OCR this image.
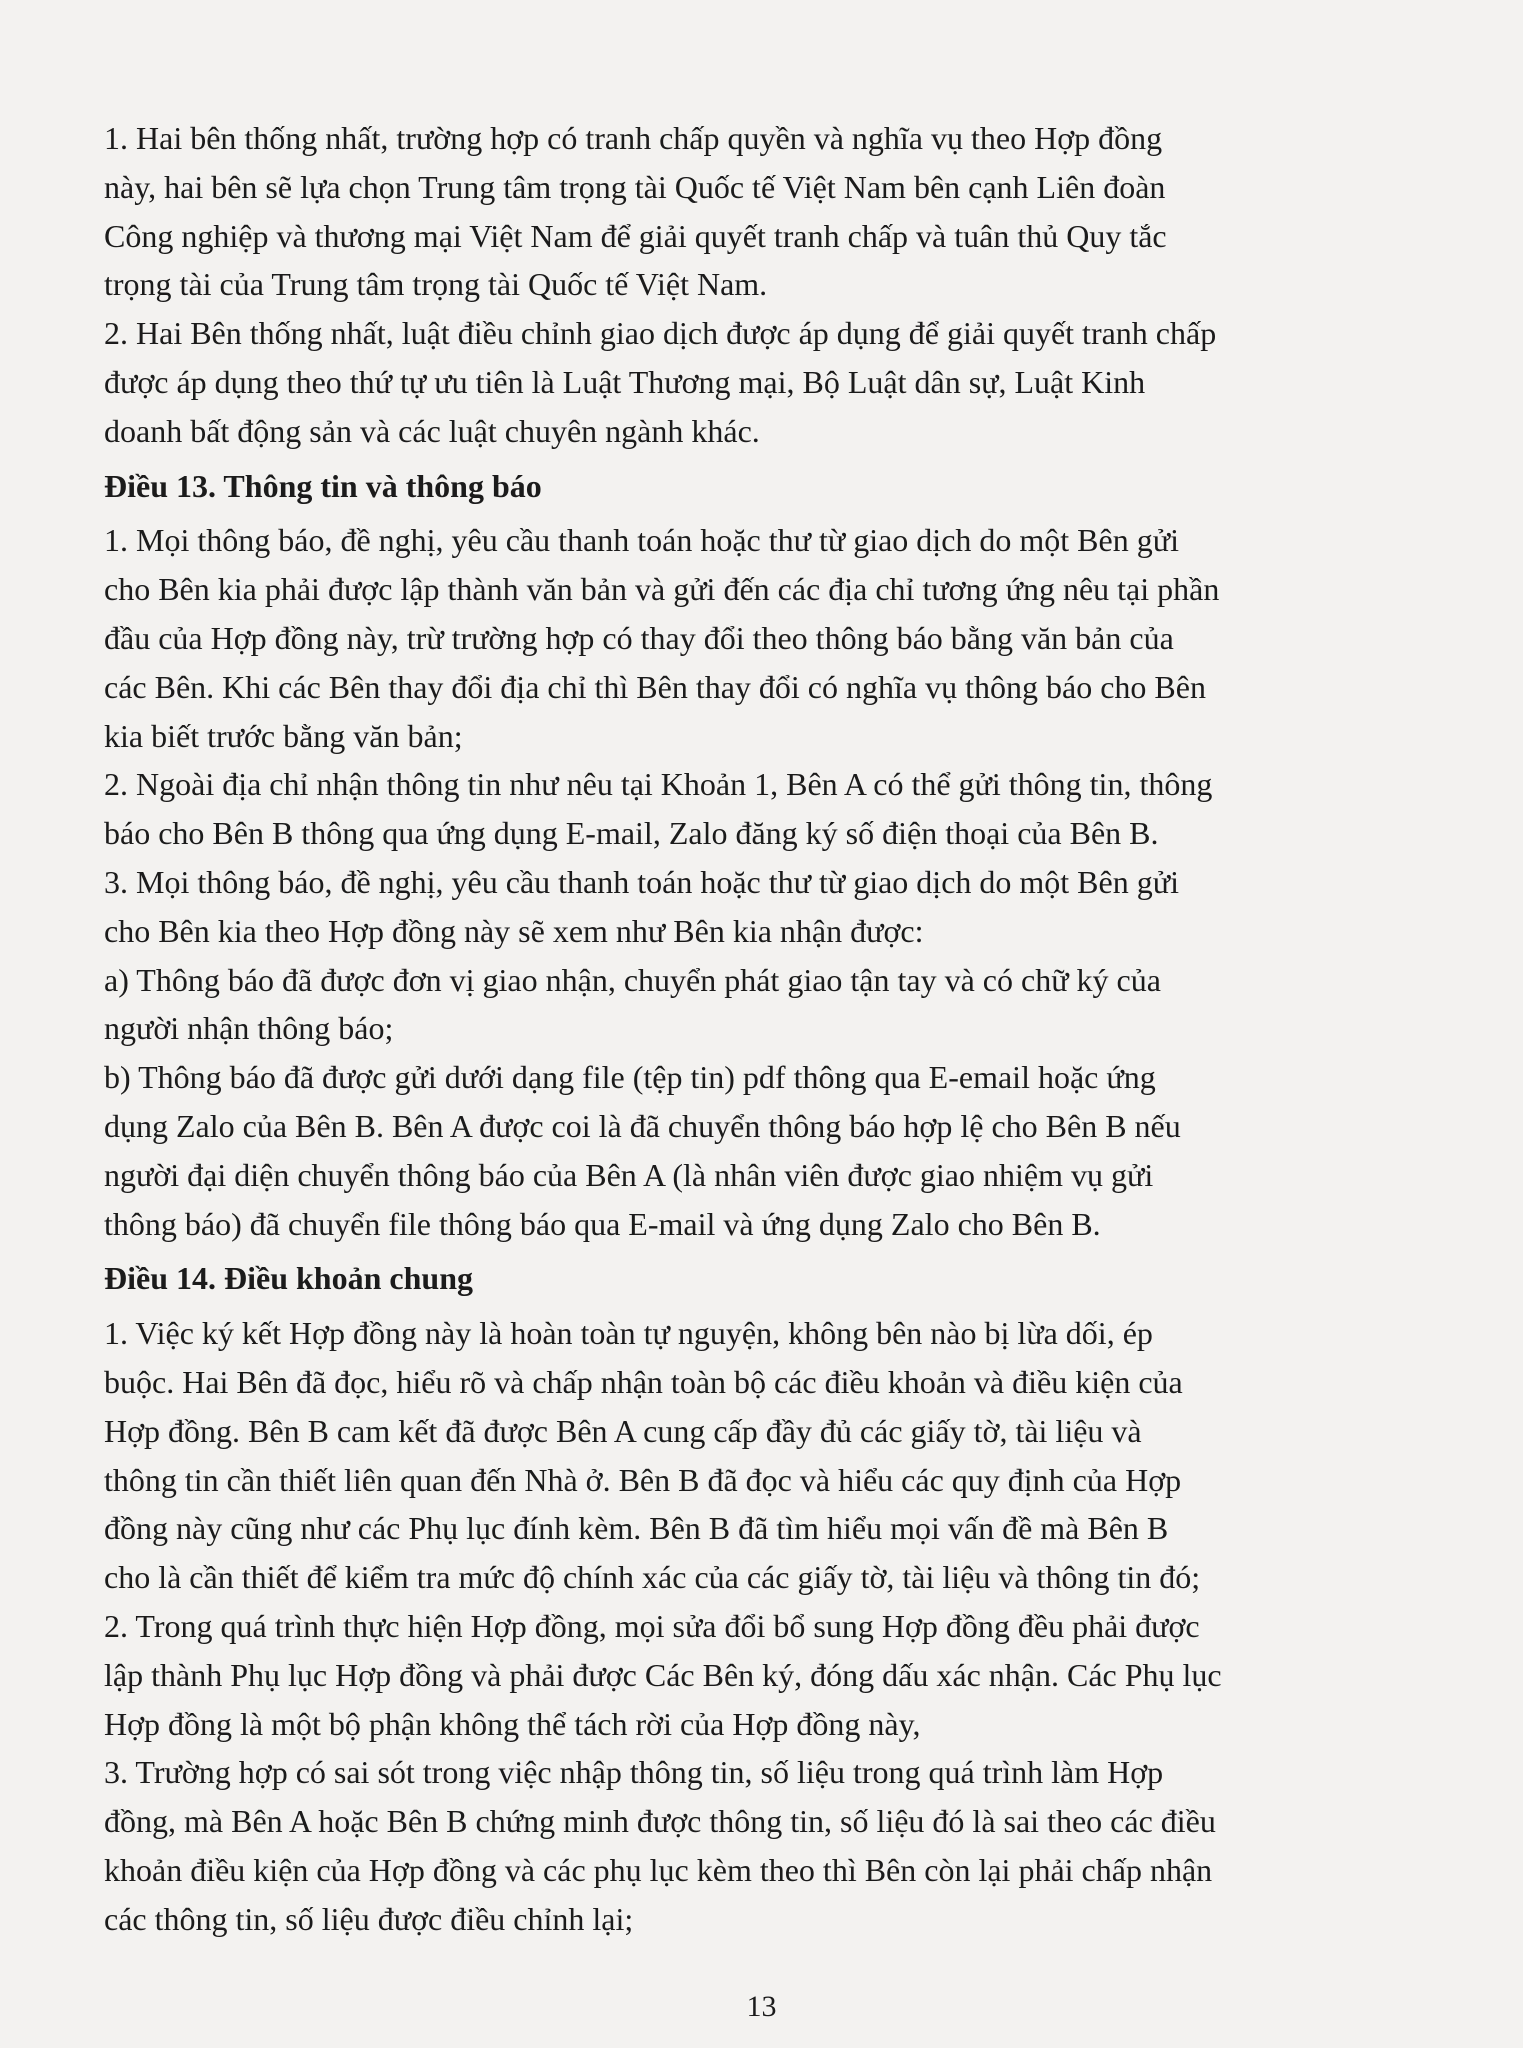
1. Hai bên thống nhất, trường hợp có tranh chấp quyền và nghĩa vụ theo Hợp đồng
này, hai bên sẽ lựa chọn Trung tâm trọng tài Quốc tế Việt Nam bên cạnh Liên đoàn
Công nghiệp và thương mại Việt Nam để giải quyết tranh chấp và tuân thủ Quy tắc
trọng tài của Trung tâm trọng tài Quốc tế Việt Nam.

2. Hai Bên thống nhất, luật điều chỉnh giao dịch được áp dụng để giải quyết tranh chấp
được áp dụng theo thứ tự ưu tiên là Luật Thương mại, Bộ Luật dân sự, Luật Kinh
doanh bất động sản và các luật chuyên ngành khác.

Điều 13. Thông tin và thông báo

1. Mọi thông báo, đề nghị, yêu cầu thanh toán hoặc thư từ giao dịch do một Bên gửi
cho Bên kia phải được lập thành văn bản và gửi đến các địa chỉ tương ứng nêu tại phần
đầu của Hợp đồng này, trừ trường hợp có thay đổi theo thông báo bằng văn bản của
các Bên. Khi các Bên thay đổi địa chỉ thì Bên thay đổi có nghĩa vụ thông báo cho Bên
kia biết trước bằng văn bản;

2. Ngoài địa chỉ nhận thông tin như nêu tại Khoản 1, Bên A có thể gửi thông tin, thông
báo cho Bên B thông qua ứng dụng E-mail, Zalo đăng ký số điện thoại của Bên B.

3. Mọi thông báo, đề nghị, yêu cầu thanh toán hoặc thư từ giao dịch do một Bên gửi
cho Bên kia theo Hợp đồng này sẽ xem như Bên kia nhận được:

a) Thông báo đã được đơn vị giao nhận, chuyển phát giao tận tay và có chữ ký của
người nhận thông báo;

b) Thông báo đã được gửi dưới dạng file (tệp tin) pdf thông qua E-email hoặc ứng
dụng Zalo của Bên B. Bên A được coi là đã chuyển thông báo hợp lệ cho Bên B nếu
người đại diện chuyển thông báo của Bên A (là nhân viên được giao nhiệm vụ gửi
thông báo) đã chuyển file thông báo qua E-mail và ứng dụng Zalo cho Bên B.

Điều 14. Điều khoản chung

1. Việc ký kết Hợp đồng này là hoàn toàn tự nguyện, không bên nào bị lừa dối, ép
buộc. Hai Bên đã đọc, hiểu rõ và chấp nhận toàn bộ các điều khoản và điều kiện của
Hợp đồng. Bên B cam kết đã được Bên A cung cấp đầy đủ các giấy tờ, tài liệu và
thông tin cần thiết liên quan đến Nhà ở. Bên B đã đọc và hiểu các quy định của Hợp
đồng này cũng như các Phụ lục đính kèm. Bên B đã tìm hiểu mọi vấn đề mà Bên B
cho là cần thiết để kiểm tra mức độ chính xác của các giấy tờ, tài liệu và thông tin đó;

2. Trong quá trình thực hiện Hợp đồng, mọi sửa đổi bổ sung Hợp đồng đều phải được
lập thành Phụ lục Hợp đồng và phải được Các Bên ký, đóng dấu xác nhận. Các Phụ lục
Hợp đồng là một bộ phận không thể tách rời của Hợp đồng này,

3. Trường hợp có sai sót trong việc nhập thông tin, số liệu trong quá trình làm Hợp
đồng, mà Bên A hoặc Bên B chứng minh được thông tin, số liệu đó là sai theo các điều
khoản điều kiện của Hợp đồng và các phụ lục kèm theo thì Bên còn lại phải chấp nhận
các thông tin, số liệu được điều chỉnh lại;

13
